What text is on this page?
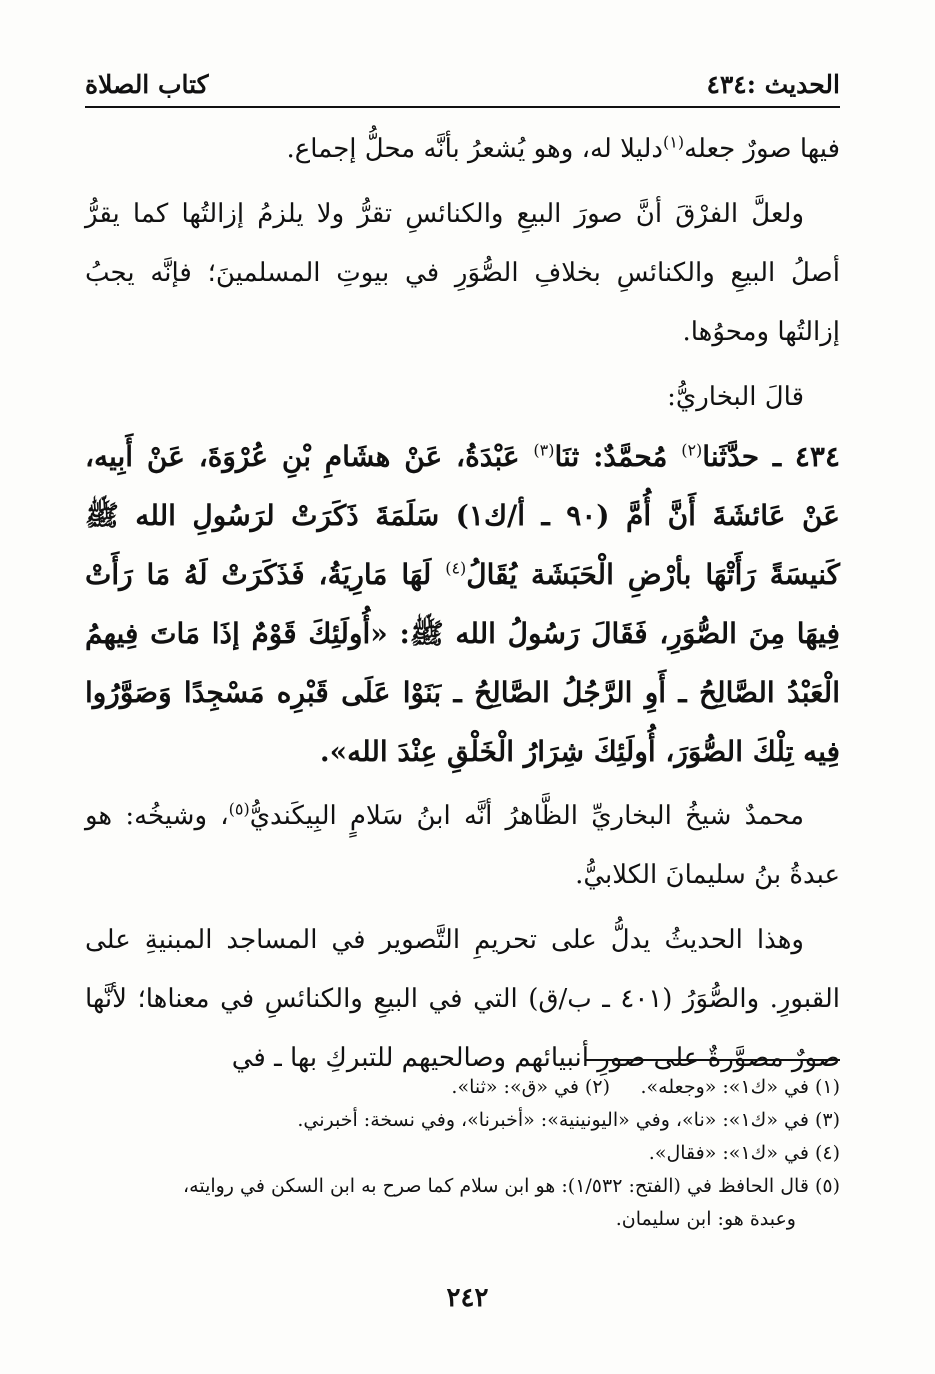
الحديث :٤٣٤
كتاب الصلاة

فيها صورٌ جعله$^{(١)}$دليلا له، وهو يُشعرُ بأنَّه محلُّ إجماع.

ولعلَّ الفرْقَ أنَّ صورَ البيعِ والكنائسِ تقرُّ ولا يلزمُ إزالتُها كما يقرُّ أصلُ البيعِ والكنائسِ بخلافِ الصُّوَرِ في بيوتِ المسلمينَ؛ فإنَّه يجبُ إزالتُها ومحوُها.

قالَ البخاريُّ:

٤٣٤ ـ حدَّثَنا$^{(٢)}$ مُحمَّدٌ: ثنَا$^{(٣)}$ عَبْدَةُ، عَنْ هشَامِ بْنِ عُرْوَةَ، عَنْ أَبِيه، عَنْ عَائشَةَ أَنَّ أُمَّ (٩٠ ـ أ/ك١) سَلَمَةَ ذَكَرَتْ لرَسُولِ الله ﷺ كَنيسَةً رَأَتْهَا بأرْضِ الْحَبَشَة يُقَالُ$^{(٤)}$ لَهَا مَارِيَةُ، فَذَكَرَتْ لَهُ مَا رَأَتْ فِيهَا مِنَ الصُّوَرِ، فَقَالَ رَسُولُ الله ﷺ: «أُولَئِكَ قَوْمٌ إذَا مَاتَ فِيهمُ الْعَبْدُ الصَّالِحُ ـ أَوِ الرَّجُلُ الصَّالِحُ ـ بَنَوْا عَلَى قَبْرِه مَسْجِدًا وَصَوَّرُوا فِيه تِلْكَ الصُّوَرَ، أُولَئِكَ شِرَارُ الْخَلْقِ عِنْدَ الله».

محمدٌ شيخُ البخاريِّ الظَّاهرُ أنَّه ابنُ سَلامٍ البِيكَنديُّ$^{(٥)}$، وشيخُه: هو عبدةُ بنُ سليمانَ الكلابيُّ.

وهذا الحديثُ يدلُّ على تحريمِ التَّصوير في المساجد المبنيةِ على القبورِ. والصُّوَرُ (٤٠١ ـ ب/ق) التي في البيعِ والكنائسِ في معناها؛ لأنَّها صورٌ مصوَّرةٌ على صورِ أنبيائهم وصالحيهم للتبركِ بها ـ في

(١) في «ك١»: «وجعله».
(٢) في «ق»: «ثنا».
(٣) في «ك١»: «نا»، وفي «اليونينية»: «أخبرنا»، وفي نسخة: أخبرني.
(٤) في «ك١»: «فقال».
(٥) قال الحافظ في (الفتح: ١/٥٣٢): هو ابن سلام كما صرح به ابن السكن في روايته،
وعبدة هو: ابن سليمان.
٢٤٢
